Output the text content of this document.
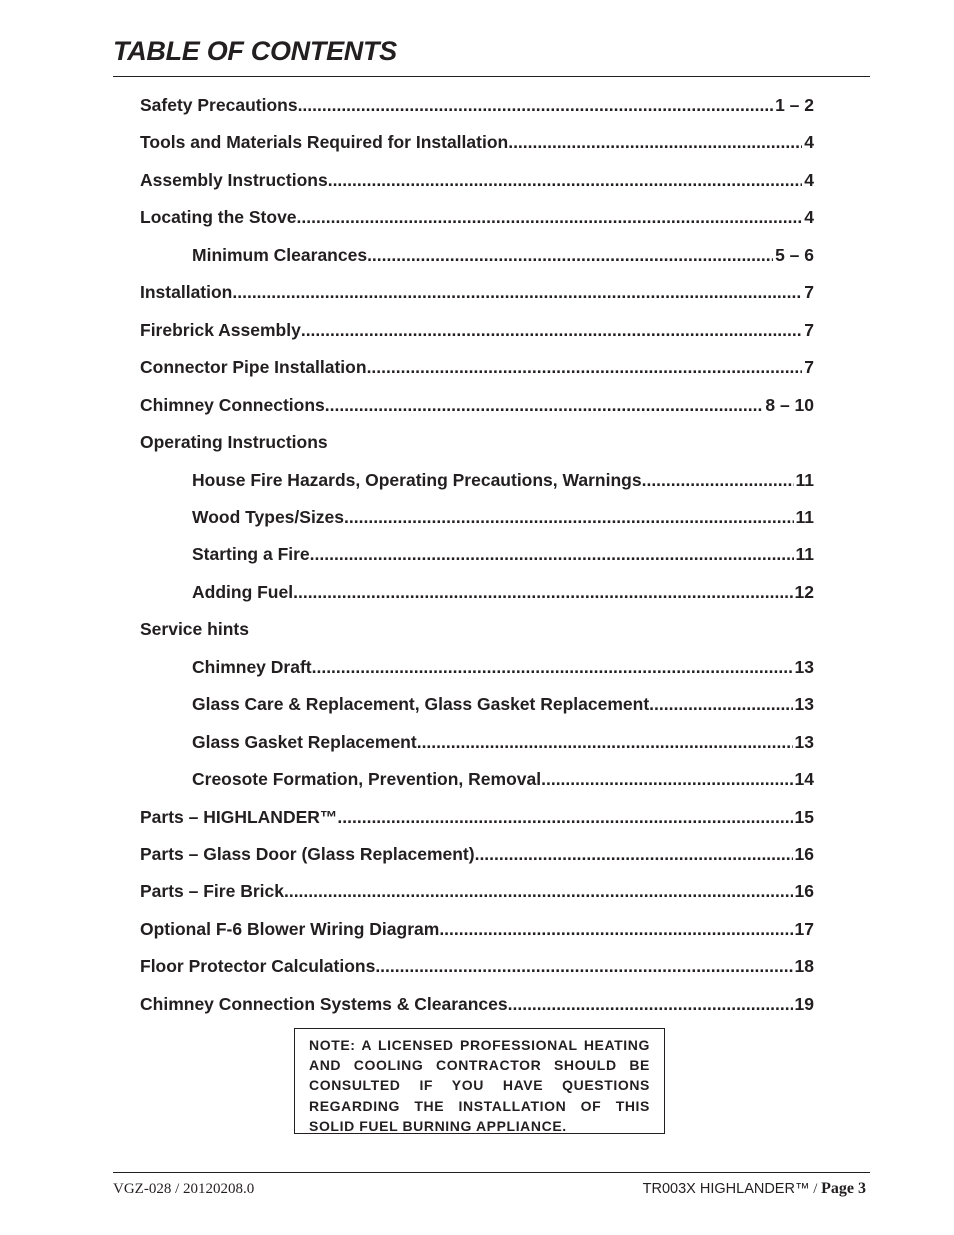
TABLE OF CONTENTS
Safety Precautions .....	1 – 2
Tools and Materials Required for Installation .....	4
Assembly Instructions .....	4
Locating the Stove .....	4
Minimum Clearances .....	5 – 6
Installation .....	7
Firebrick Assembly .....	7
Connector Pipe Installation .....	7
Chimney Connections .....	8 – 10
Operating Instructions
House Fire Hazards, Operating Precautions, Warnings .....	11
Wood Types/Sizes .....	11
Starting a Fire .....	11
Adding Fuel .....	12
Service hints
Chimney Draft .....	13
Glass Care & Replacement, Glass Gasket Replacement .....	13
Glass Gasket Replacement .....	13
Creosote Formation, Prevention, Removal .....	14
Parts – HIGHLANDER™ .....	15
Parts – Glass Door (Glass Replacement) .....	16
Parts – Fire Brick .....	16
Optional F-6 Blower Wiring Diagram .....	17
Floor Protector Calculations .....	18
Chimney Connection Systems & Clearances .....	19
NOTE: A LICENSED PROFESSIONAL HEATING AND COOLING CONTRACTOR SHOULD BE CONSULTED IF YOU HAVE QUESTIONS REGARDING THE INSTALLATION OF THIS SOLID FUEL BURNING APPLIANCE.
VGZ-028 / 20120208.0	TR003X HIGHLANDER™ / Page 3
